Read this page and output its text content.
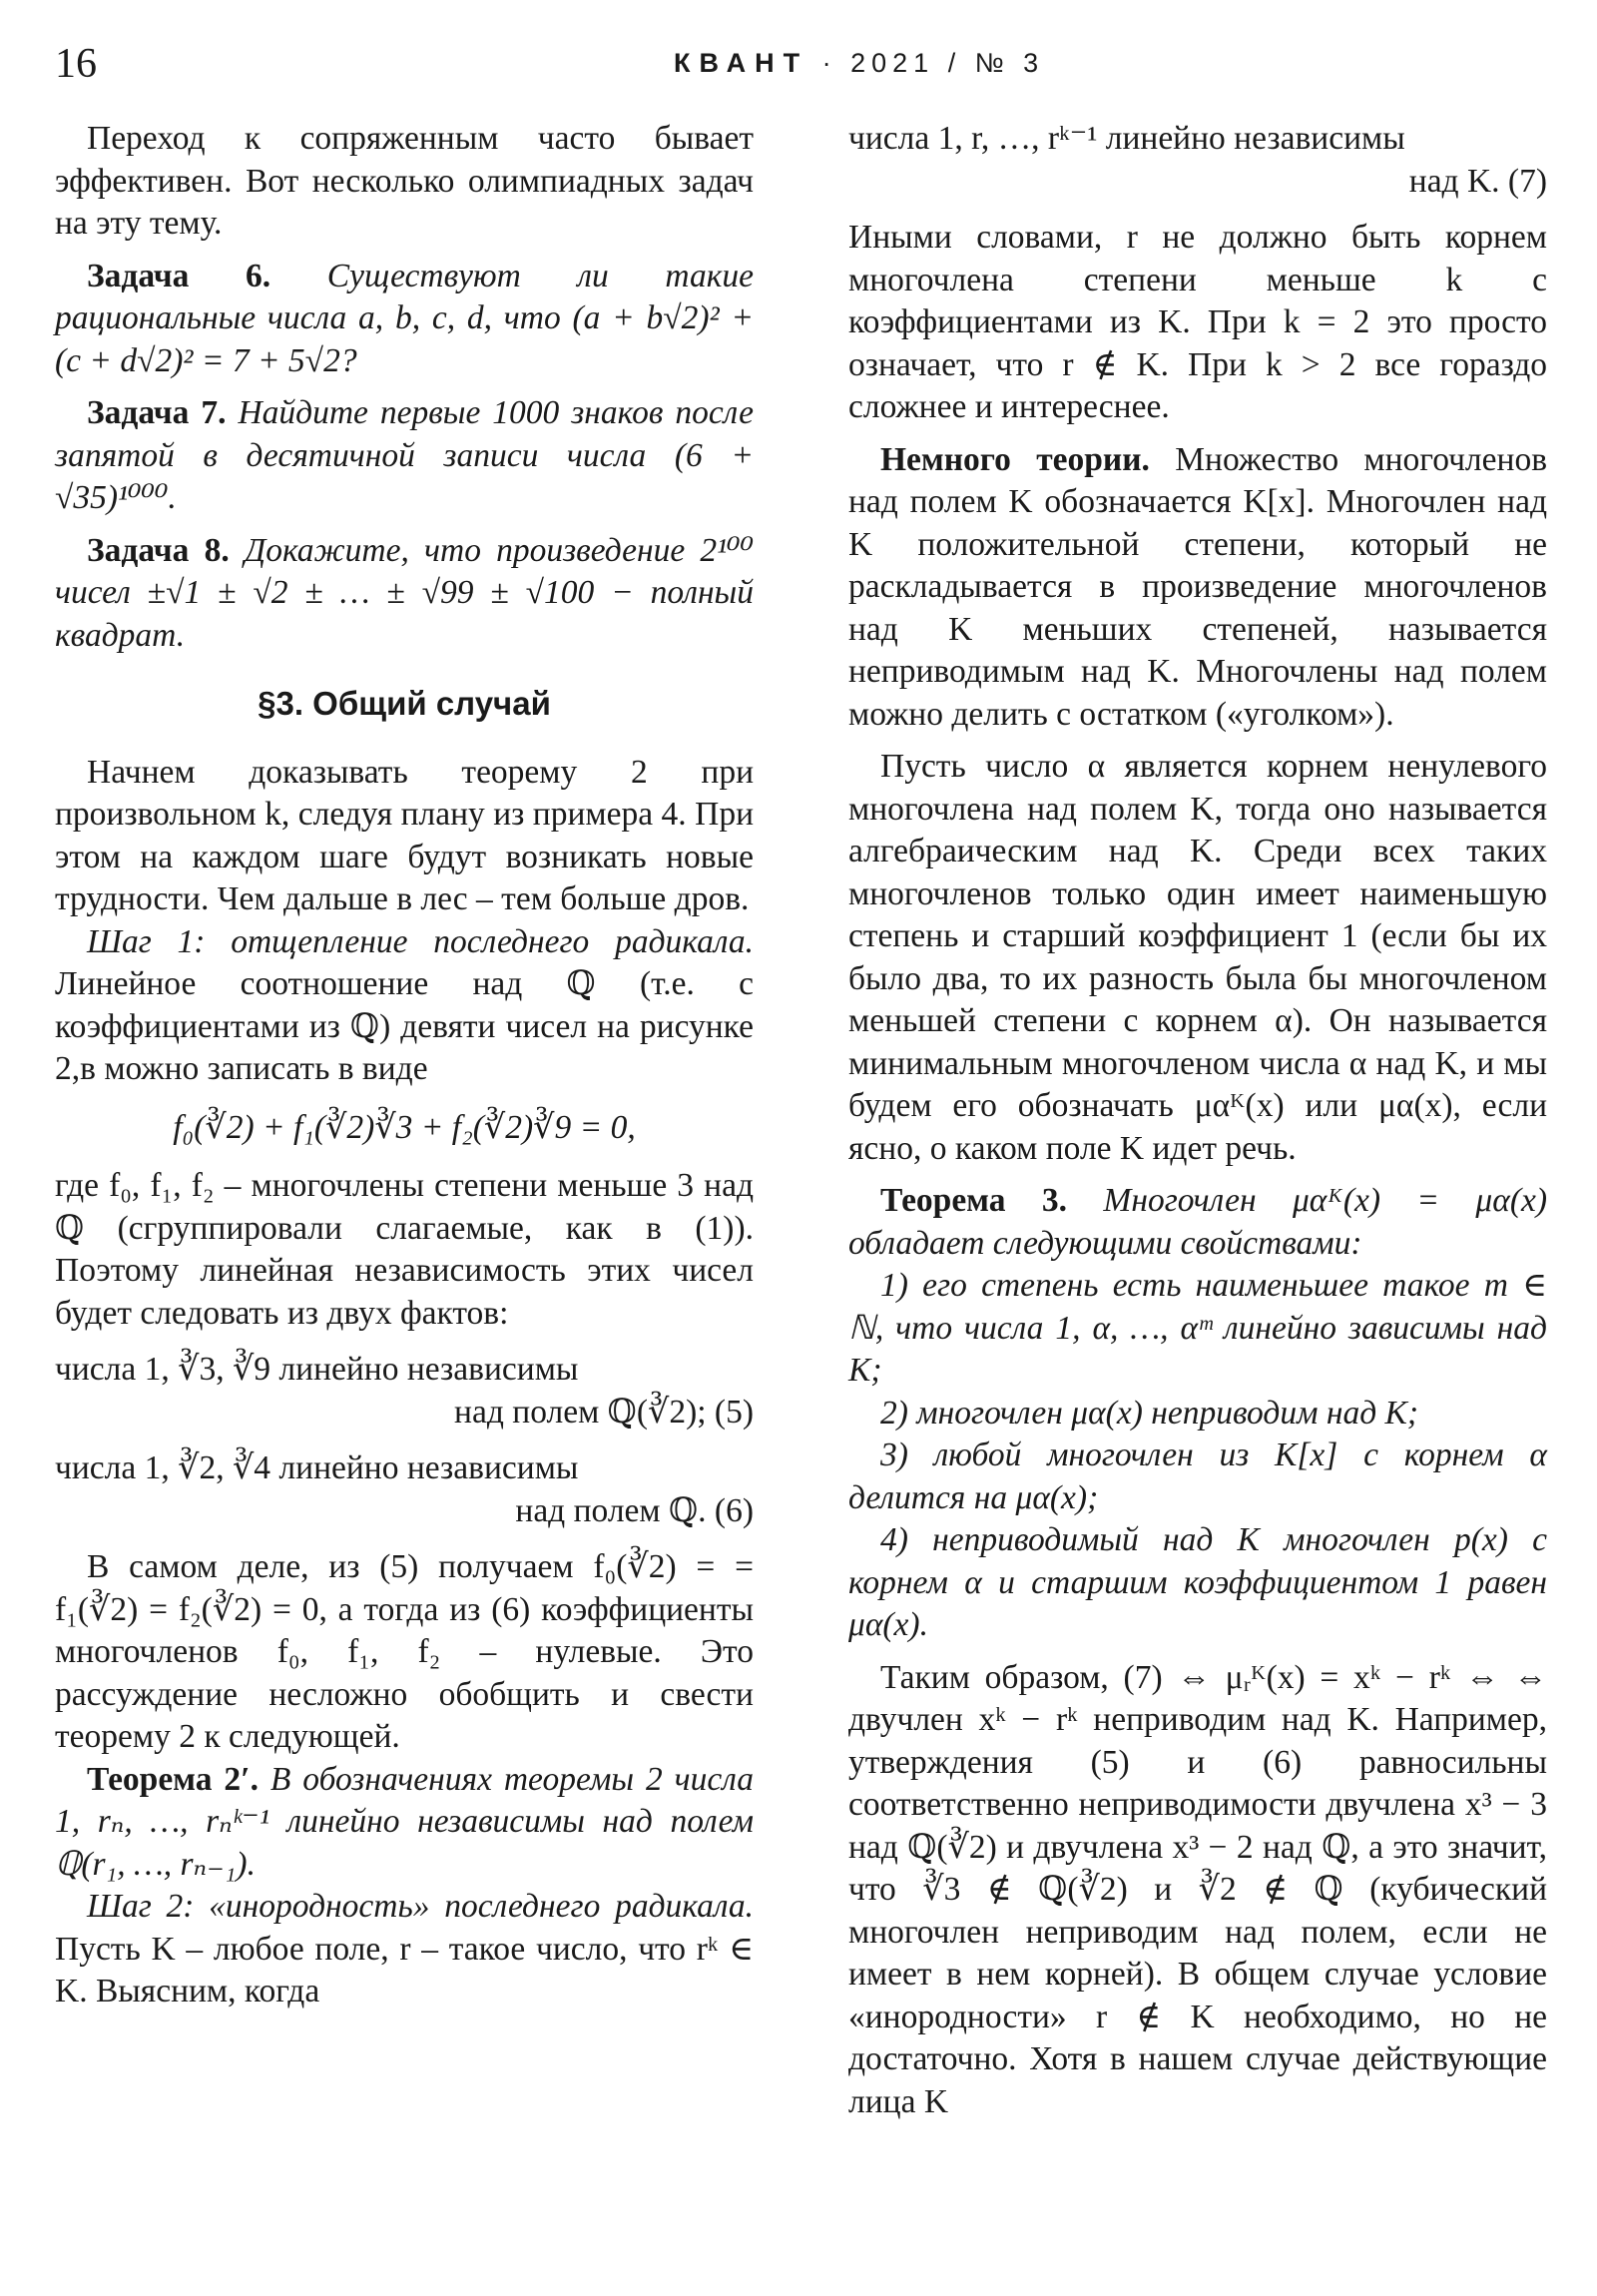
16	КВАНТ · 2021 / № 3

Переход к сопряженным часто бывает эффективен. Вот несколько олимпиадных задач на эту тему.

Задача 6. Существуют ли такие рациональные числа a, b, c, d, что (a + b√2)² + (c + d√2)² = 7 + 5√2?

Задача 7. Найдите первые 1000 знаков после запятой в десятичной записи числа (6 + √35)¹⁰⁰⁰.

Задача 8. Докажите, что произведение 2¹⁰⁰ чисел ±√1 ± √2 ± … ± √99 ± √100 − полный квадрат.

§3. Общий случай

Начнем доказывать теорему 2 при произвольном k, следуя плану из примера 4. При этом на каждом шаге будут возникать новые трудности. Чем дальше в лес – тем больше дров.

Шаг 1: отщепление последнего радикала. Линейное соотношение над ℚ (т.е. с коэффициентами из ℚ) девяти чисел на рисунке 2,в можно записать в виде

f₀(∛2) + f₁(∛2)∛3 + f₂(∛2)∛9 = 0,

где f₀, f₁, f₂ – многочлены степени меньше 3 над ℚ (сгруппировали слагаемые, как в (1)). Поэтому линейная независимость этих чисел будет следовать из двух фактов:

числа 1, ∛3, ∛9 линейно независимы

над полем ℚ(∛2); (5)

числа 1, ∛2, ∛4 линейно независимы

над полем ℚ. (6)

В самом деле, из (5) получаем f₀(∛2) = = f₁(∛2) = f₂(∛2) = 0, а тогда из (6) коэффициенты многочленов f₀, f₁, f₂ – нулевые. Это рассуждение несложно обобщить и свести теорему 2 к следующей.

Теорема 2′. В обозначениях теоремы 2 числа 1, rₙ, …, rₙᵏ⁻¹ линейно независимы над полем ℚ(r₁, …, rₙ₋₁).

Шаг 2: «инородность» последнего радикала. Пусть K – любое поле, r – такое число, что rᵏ ∈ K. Выясним, когда

числа 1, r, …, rᵏ⁻¹ линейно независимы

над K. (7)

Иными словами, r не должно быть корнем многочлена степени меньше k с коэффициентами из K. При k = 2 это просто означает, что r ∉ K. При k > 2 все гораздо сложнее и интереснее.

Немного теории. Множество многочленов над полем K обозначается K[x]. Многочлен над K положительной степени, который не раскладывается в произведение многочленов над K меньших степеней, называется неприводимым над K. Многочлены над полем можно делить с остатком («уголком»).

Пусть число α является корнем ненулевого многочлена над полем K, тогда оно называется алгебраическим над K. Среди всех таких многочленов только один имеет наименьшую степень и старший коэффициент 1 (если бы их было два, то их разность была бы многочленом меньшей степени с корнем α). Он называется минимальным многочленом числа α над K, и мы будем его обозначать μαᴷ(x) или μα(x), если ясно, о каком поле K идет речь.

Теорема 3. Многочлен μαᴷ(x) = μα(x) обладает следующими свойствами:

1) его степень есть наименьшее такое m ∈ ℕ, что числа 1, α, …, αᵐ линейно зависимы над K;

2) многочлен μα(x) неприводим над K;

3) любой многочлен из K[x] с корнем α делится на μα(x);

4) неприводимый над K многочлен p(x) с корнем α и старшим коэффициентом 1 равен μα(x).

Таким образом, (7) ⇔ μᵣᴷ(x) = xᵏ − rᵏ ⇔ ⇔ двучлен xᵏ − rᵏ неприводим над K. Например, утверждения (5) и (6) равносильны соответственно неприводимости двучлена x³ − 3 над ℚ(∛2) и двучлена x³ − 2 над ℚ, а это значит, что ∛3 ∉ ℚ(∛2) и ∛2 ∉ ℚ (кубический многочлен неприводим над полем, если не имеет в нем корней). В общем случае условие «инородности» r ∉ K необходимо, но не достаточно. Хотя в нашем случае действующие лица K
